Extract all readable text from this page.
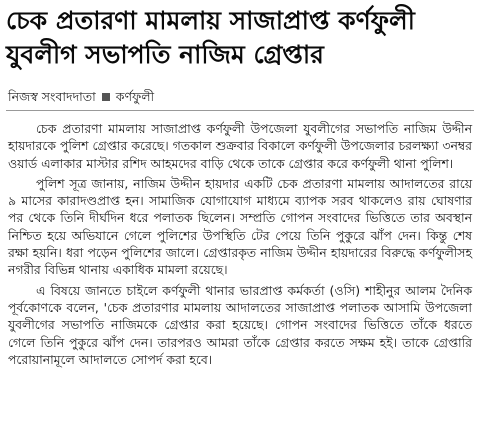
চেক প্রতারণা মামলায় সাজাপ্রাপ্ত কর্ণফুলী যুবলীগ সভাপতি নাজিম গ্রেপ্তার
নিজস্ব সংবাদদাতা কর্ণফুলী

চেক প্রতারণা মামলায় সাজাপ্রাপ্ত কর্ণফুলী উপজেলা যুবলীগের সভাপতি নাজিম উদ্দীন হায়দারকে পুলিশ গ্রেপ্তার করেছে। গতকাল শুক্রবার বিকালে কর্ণফুলী উপজেলার চরলক্ষ্যা ৩নম্বর ওয়ার্ড এলাকার মাস্টার রশিদ আহমদের বাড়ি থেকে তাকে গ্রেপ্তার করে কর্ণফুলী থানা পুলিশ।

পুলিশ সূত্র জানায়, নাজিম উদ্দীন হায়দার একটি চেক প্রতারণা মামলায় আদালতের রায়ে ৯ মাসের কারাদণ্ডপ্রাপ্ত হন। সামাজিক যোগাযোগ মাধ্যমে ব্যাপক সরব থাকলেও রায় ঘোষণার পর থেকে তিনি দীর্ঘদিন ধরে পলাতক ছিলেন। সম্প্রতি গোপন সংবাদের ভিত্তিতে তার অবস্থান নিশ্চিত হয়ে অভিযানে গেলে পুলিশের উপস্থিতি টের পেয়ে তিনি পুকুরে ঝাঁপ দেন। কিন্তু শেষ রক্ষা হয়নি। ধরা পড়েন পুলিশের জালে। গ্রেপ্তারকৃত নাজিম উদ্দীন হায়দারের বিরুদ্ধে কর্ণফুলীসহ নগরীর বিভিন্ন থানায় একাধিক মামলা রয়েছে।

এ বিষয়ে জানতে চাইলে কর্ণফুলী থানার ভারপ্রাপ্ত কর্মকর্তা (ওসি) শাহীনুর আলম দৈনিক পূর্বকোণকে বলেন, 'চেক প্রতারণার মামলায় আদালতের সাজাপ্রাপ্ত পলাতক আসামি উপজেলা যুবলীগের সভাপতি নাজিমকে গ্রেপ্তার করা হয়েছে। গোপন সংবাদের ভিত্তিতে তাঁকে ধরতে গেলে তিনি পুকুরে ঝাঁপ দেন। তারপরও আমরা তাঁকে গ্রেপ্তার করতে সক্ষম হই। তাকে গ্রেপ্তারি পরোয়ানামূলে আদালতে সোপর্দ করা হবে।
